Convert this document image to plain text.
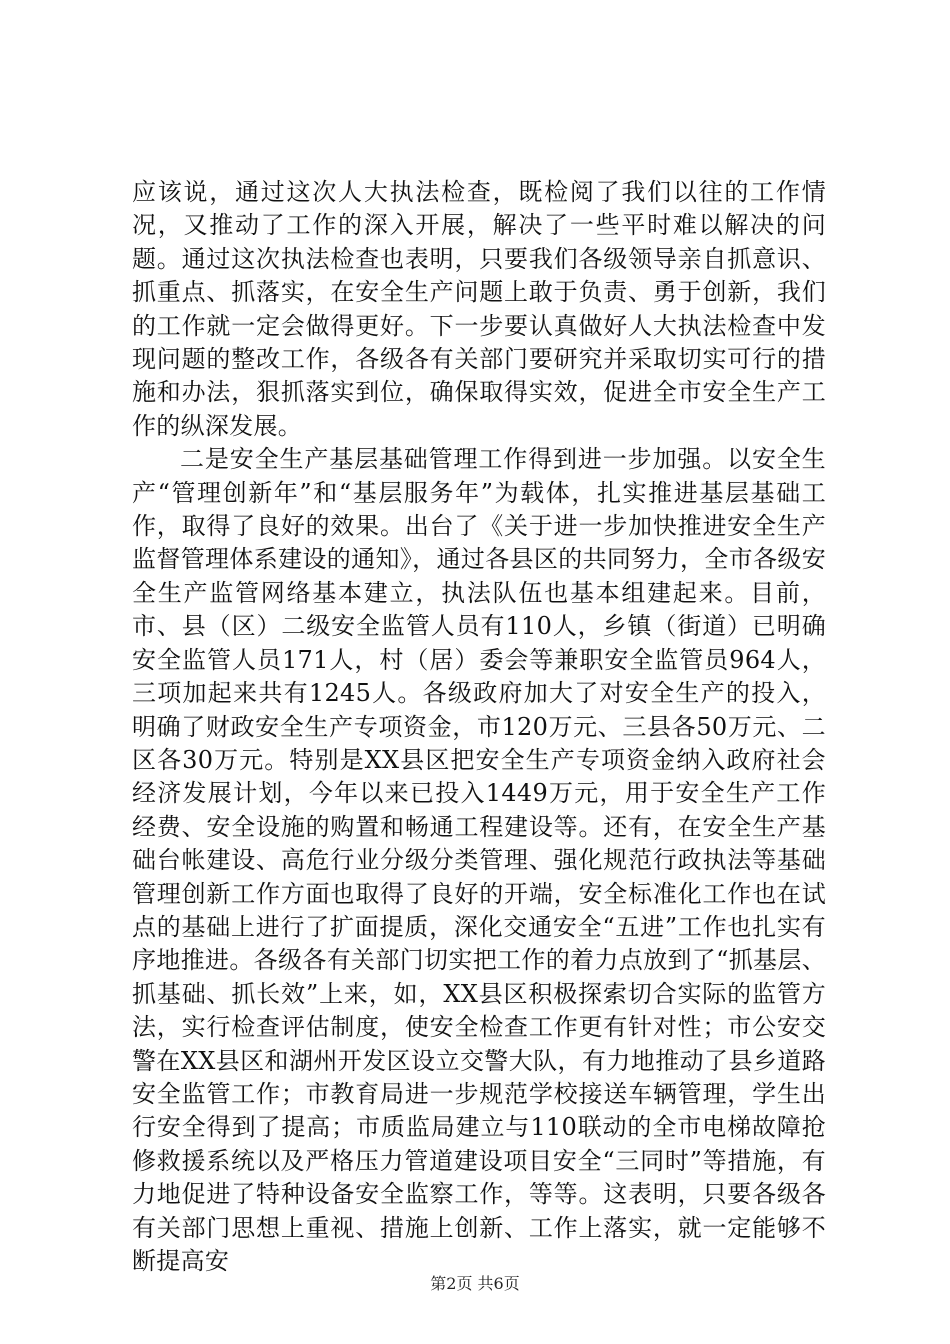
应该说，通过这次人大执法检查，既检阅了我们以往的工作情况，又推动了工作的深入开展，解决了一些平时难以解决的问题。通过这次执法检查也表明，只要我们各级领导亲自抓意识、抓重点、抓落实，在安全生产问题上敢于负责、勇于创新，我们的工作就一定会做得更好。下一步要认真做好人大执法检查中发现问题的整改工作，各级各有关部门要研究并采取切实可行的措施和办法，狠抓落实到位，确保取得实效，促进全市安全生产工作的纵深发展。

二是安全生产基层基础管理工作得到进一步加强。以安全生产“管理创新年”和“基层服务年”为载体，扎实推进基层基础工作，取得了良好的效果。出台了《关于进一步加快推进安全生产监督管理体系建设的通知》，通过各县区的共同努力，全市各级安全生产监管网络基本建立，执法队伍也基本组建起来。目前，市、县（区）二级安全监管人员有110人，乡镇（街道）已明确安全监管人员171人，村（居）委会等兼职安全监管员964人，三项加起来共有1245人。各级政府加大了对安全生产的投入，明确了财政安全生产专项资金，市120万元、三县各50万元、二区各30万元。特别是XX县区把安全生产专项资金纳入政府社会经济发展计划，今年以来已投入1449万元，用于安全生产工作经费、安全设施的购置和畅通工程建设等。还有，在安全生产基础台帐建设、高危行业分级分类管理、强化规范行政执法等基础管理创新工作方面也取得了良好的开端，安全标准化工作也在试点的基础上进行了扩面提质，深化交通安全“五进”工作也扎实有序地推进。各级各有关部门切实把工作的着力点放到了“抓基层、抓基础、抓长效”上来，如，XX县区积极探索切合实际的监管方法，实行检查评估制度，使安全检查工作更有针对性；市公安交警在XX县区和湖州开发区设立交警大队，有力地推动了县乡道路安全监管工作；市教育局进一步规范学校接送车辆管理，学生出行安全得到了提高；市质监局建立与110联动的全市电梯故障抢修救援系统以及严格压力管道建设项目安全“三同时”等措施，有力地促进了特种设备安全监察工作，等等。这表明，只要各级各有关部门思想上重视、措施上创新、工作上落实，就一定能够不断提高安

第2页 共6页
